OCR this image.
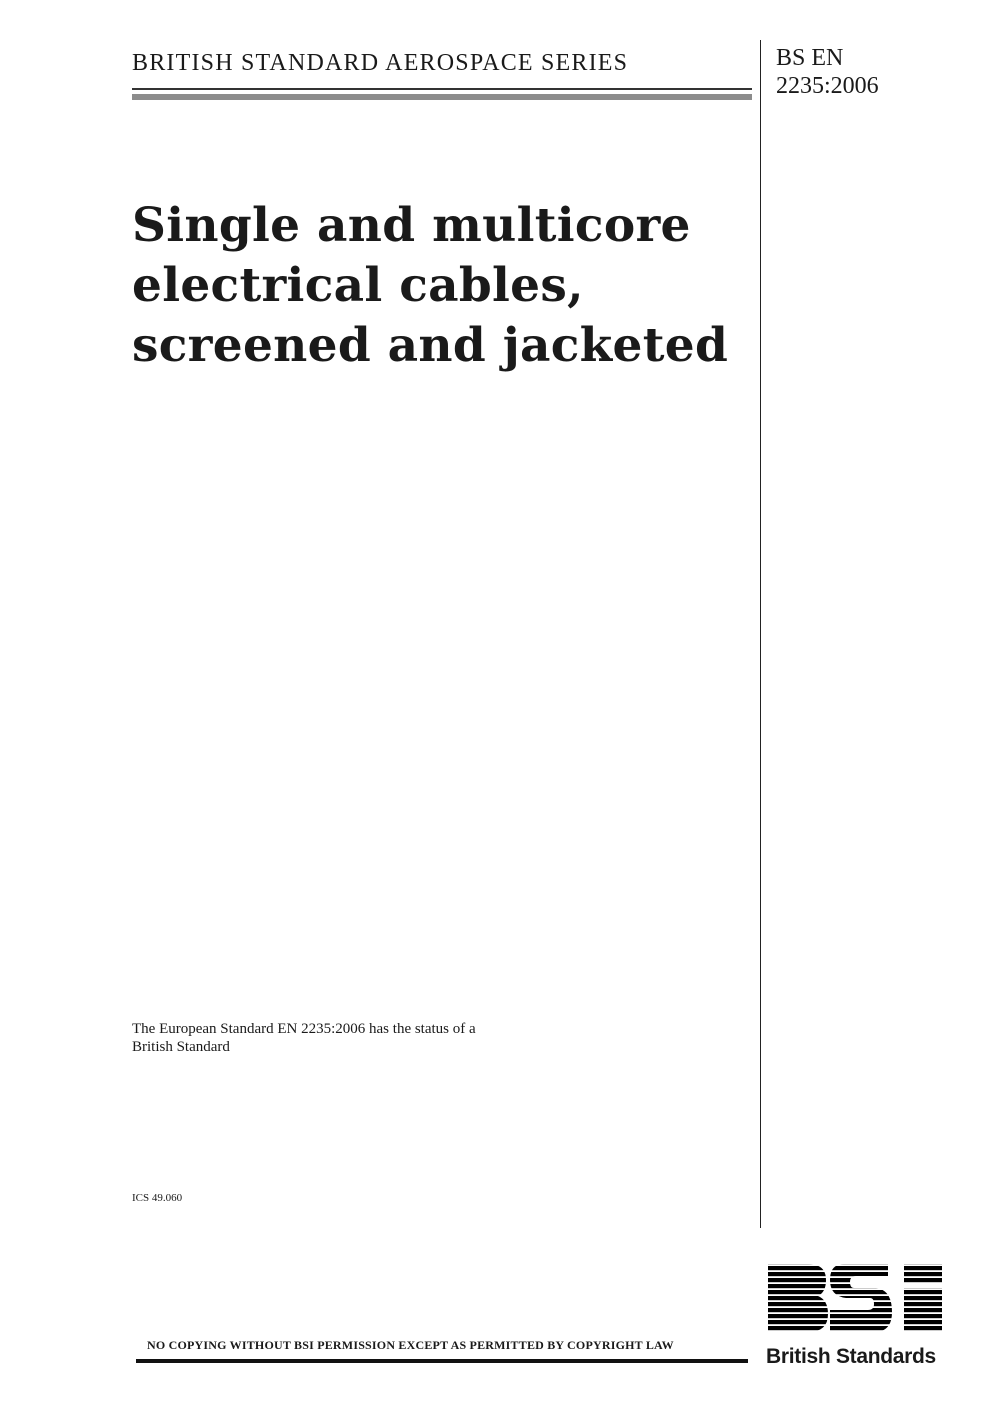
BRITISH STANDARD AEROSPACE SERIES	BS EN
2235:2006
Single and multicore
electrical cables,
screened and jacketed
The European Standard EN 2235:2006 has the status of a
British Standard
ICS 49.060
NO COPYING WITHOUT BSI PERMISSION EXCEPT AS PERMITTED BY COPYRIGHT LAW	British Standards
